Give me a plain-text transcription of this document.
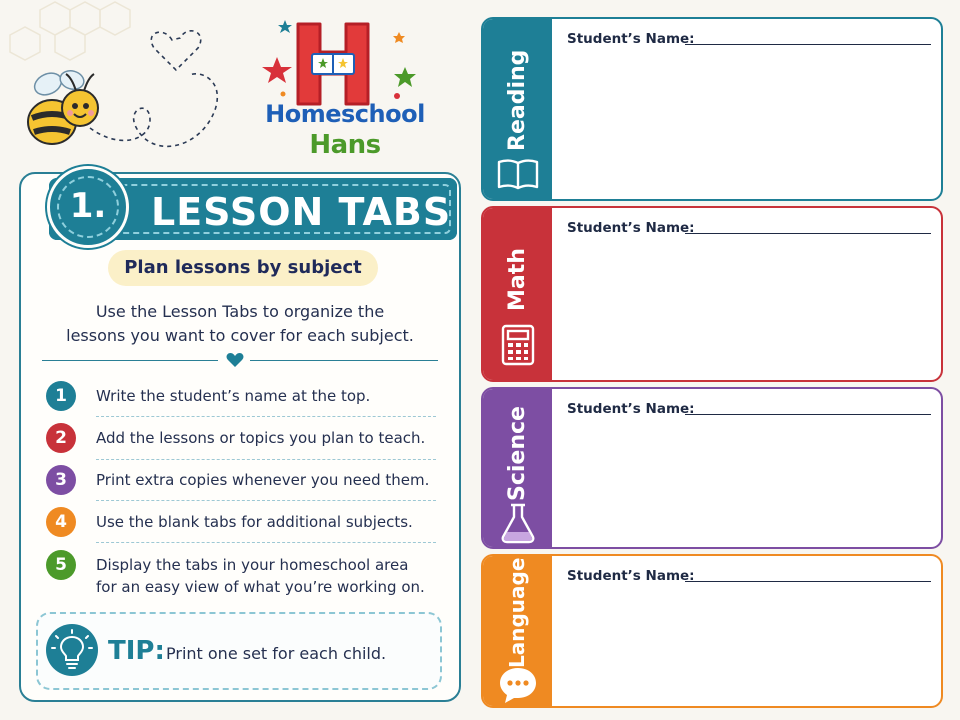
Homeschool
Hans
LESSON TABS
1.
Plan lessons by subject
Use the Lesson Tabs to organize the
lessons you want to cover for each subject.
1	Write the student’s name at the top.
2	Add the lessons or topics you plan to teach.
3	Print extra copies whenever you need them.
4	Use the blank tabs for additional subjects.
5	Display the tabs in your homeschool area
for an easy view of what you’re working on.
TIP: Print one set for each child.
Reading
Student’s Name:
Math
Student’s Name:
Science	Student’s Name:
Language	Student’s Name:
